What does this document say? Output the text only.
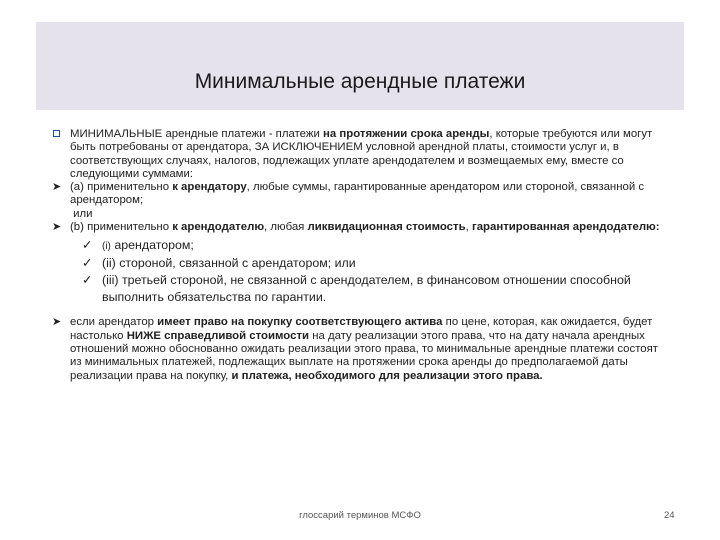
Минимальные арендные платежи

МИНИМАЛЬНЫЕ арендные платежи - платежи на протяжении срока аренды, которые требуются или могут быть потребованы от арендатора, ЗА ИСКЛЮЧЕНИЕМ условной арендной платы, стоимости услуг и, в соответствующих случаях, налогов, подлежащих уплате арендодателем и возмещаемых ему, вместе со следующими суммами:

➤ (a) применительно к арендатору, любые суммы, гарантированные арендатором или стороной, связанной с арендатором;

или

➤ (b) применительно к арендодателю, любая ликвидационная стоимость, гарантированная арендодателю:

✓ (i) арендатором;
✓ (ii) стороной, связанной с арендатором; или
✓ (iii) третьей стороной, не связанной с арендодателем, в финансовом отношении способной выполнить обязательства по гарантии.

➤ если арендатор имеет право на покупку соответствующего актива по цене, которая, как ожидается, будет настолько НИЖЕ справедливой стоимости на дату реализации этого права, что на дату начала арендных отношений можно обоснованно ожидать реализации этого права, то минимальные арендные платежи состоят из минимальных платежей, подлежащих выплате на протяжении срока аренды до предполагаемой даты реализации права на покупку, и платежа, необходимого для реализации этого права.

глоссарий терминов МСФО	24
